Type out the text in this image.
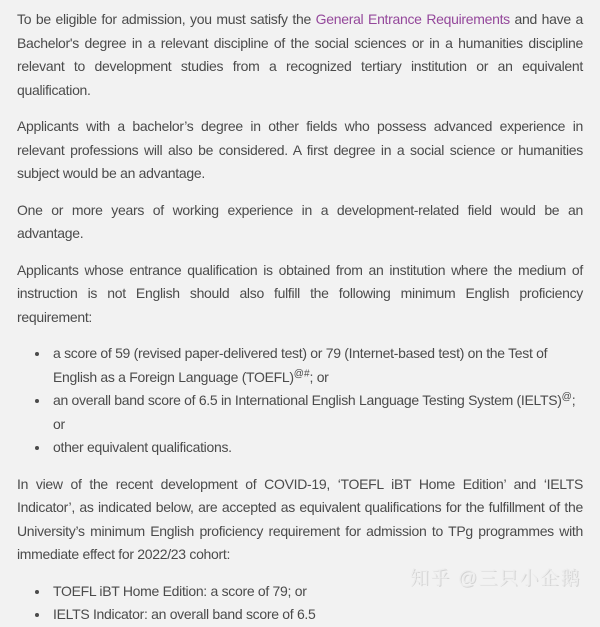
To be eligible for admission, you must satisfy the General Entrance Requirements and have a Bachelor's degree in a relevant discipline of the social sciences or in a humanities discipline relevant to development studies from a recognized tertiary institution or an equivalent qualification.

Applicants with a bachelor’s degree in other fields who possess advanced experience in relevant professions will also be considered. A first degree in a social science or humanities subject would be an advantage.

One or more years of working experience in a development-related field would be an advantage.

Applicants whose entrance qualification is obtained from an institution where the medium of instruction is not English should also fulfill the following minimum English proficiency requirement:

• a score of 59 (revised paper-delivered test) or 79 (Internet-based test) on the Test of English as a Foreign Language (TOEFL)@#; or
• an overall band score of 6.5 in International English Language Testing System (IELTS)@; or
• other equivalent qualifications.

In view of the recent development of COVID-19, ‘TOEFL iBT Home Edition’ and ‘IELTS Indicator’, as indicated below, are accepted as equivalent qualifications for the fulfillment of the University’s minimum English proficiency requirement for admission to TPg programmes with immediate effect for 2022/23 cohort:

• TOEFL iBT Home Edition: a score of 79; or
• IELTS Indicator: an overall band score of 6.5
知乎 @三只小企鹅
